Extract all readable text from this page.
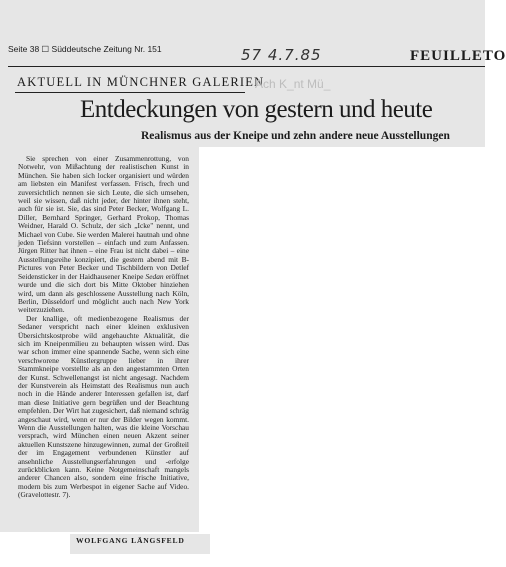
Seite 38 ☐ Süddeutsche Zeitung Nr. 151	57 4.7.85	FEUILLETO
AKTUELL IN MÜNCHNER GALERIEN
Ach K_nt Mü_
Entdeckungen von gestern und heute
Realismus aus der Kneipe und zehn andere neue Ausstellungen

Sie sprechen von einer Zusammenrottung, von Notwehr, von Mißachtung der realistischen Kunst in München. Sie haben sich locker organisiert und würden am liebsten ein Manifest verfassen. Frisch, frech und zuversichtlich nennen sie sich Leute, die sich umsehen, weil sie wissen, daß nicht jeder, der hinter ihnen steht, auch für sie ist. Sie, das sind Peter Becker, Wolfgang L. Diller, Bernhard Springer, Gerhard Prokop, Thomas Weidner, Harald O. Schulz, der sich „Icke" nennt, und Michael von Cube. Sie werden Malerei hautnah und ohne jeden Tiefsinn vorstellen – einfach und zum Anfassen. Jürgen Ritter hat ihnen – eine Frau ist nicht dabei – eine Ausstellungsreihe konzipiert, die gestern abend mit B-Pictures von Peter Becker und Tischbildern von Detlef Seidensticker in der Haidhausener Kneipe Sedan eröffnet wurde und die sich dort bis Mitte Oktober hinziehen wird, um dann als geschlossene Ausstellung nach Köln, Berlin, Düsseldorf und möglicht auch nach New York weiterzuziehen.

Der knallige, oft medienbezogene Realismus der Sedaner verspricht nach einer kleinen exklusiven Übersichtskostprobe wild angehauchte Aktualität, die sich im Kneipenmilieu zu behaupten wissen wird. Das war schon immer eine spannende Sache, wenn sich eine verschworene Künstlergruppe lieber in ihrer Stammkneipe vorstellte als an den angestammten Orten der Kunst. Schwellenangst ist nicht angesagt. Nachdem der Kunstverein als Heimstatt des Realismus nun auch noch in die Hände anderer Interessen gefallen ist, darf man diese Initiative gern begrüßen und der Beachtung empfehlen. Der Wirt hat zugesichert, daß niemand schräg angeschaut wird, wenn er nur der Bilder wegen kommt. Wenn die Ausstellungen halten, was die kleine Vorschau versprach, wird München einen neuen Akzent seiner aktuellen Kunstszene hinzugewinnen, zumal der Großteil der im Engagement verbundenen Künstler auf ansehnliche Ausstellungserfahrungen und -erfolge zurückblicken kann. Keine Notgemeinschaft mangels anderer Chancen also, sondern eine frische Initiative, modern bis zum Werbespot in eigener Sache auf Video. (Gravelottestr. 7).

WOLFGANG LÄNGSFELD
